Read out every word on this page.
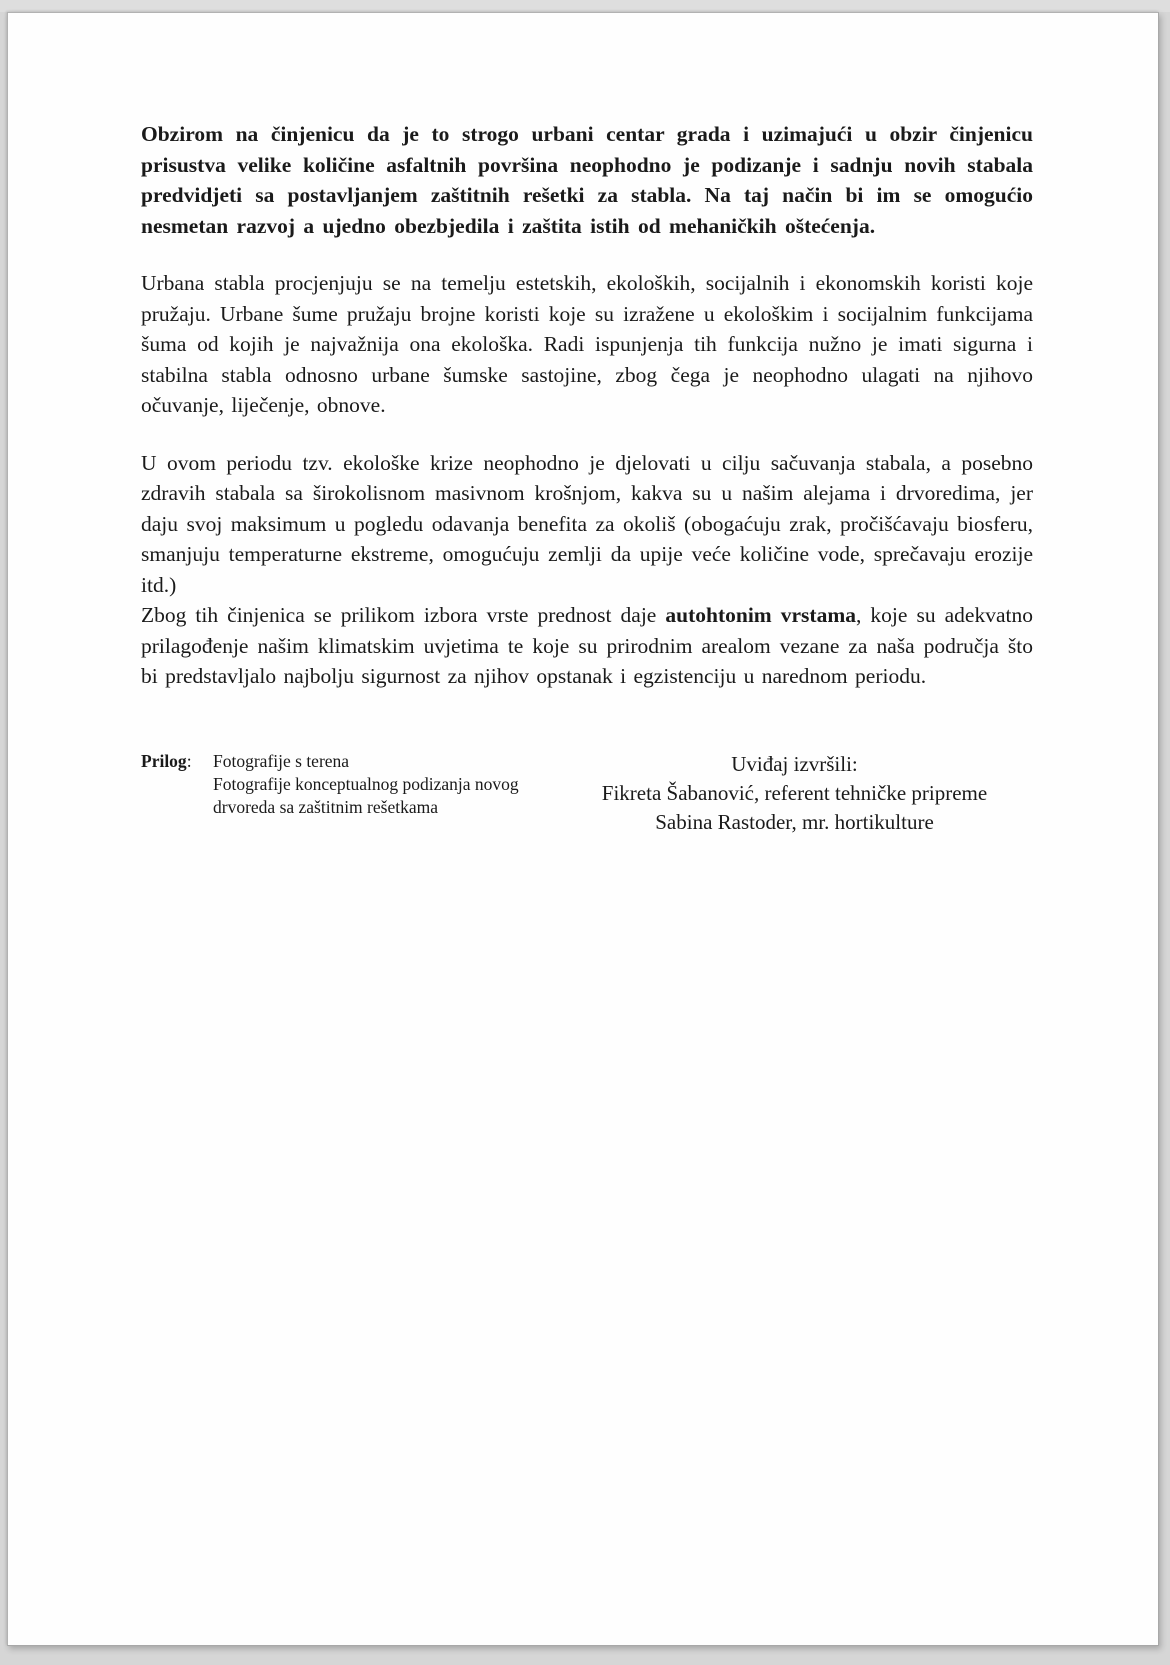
Obzirom na činjenicu da je to strogo urbani centar grada i uzimajući u obzir činjenicu prisustva velike količine asfaltnih površina neophodno je podizanje i sadnju novih stabala predvidjeti sa postavljanjem zaštitnih rešetki za stabla. Na taj način bi im se omogućio nesmetan razvoj a ujedno obezbjedila i zaštita istih od mehaničkih oštećenja.

Urbana stabla procjenjuju se na temelju estetskih, ekoloških, socijalnih i ekonomskih koristi koje pružaju. Urbane šume pružaju brojne koristi koje su izražene u ekološkim i socijalnim funkcijama šuma od kojih je najvažnija ona ekološka. Radi ispunjenja tih funkcija nužno je imati sigurna i stabilna stabla odnosno urbane šumske sastojine, zbog čega je neophodno ulagati na njihovo očuvanje, liječenje, obnove.

U ovom periodu tzv. ekološke krize neophodno je djelovati u cilju sačuvanja stabala, a posebno zdravih stabala sa širokolisnom masivnom krošnjom, kakva su u našim alejama i drvoredima, jer daju svoj maksimum u pogledu odavanja benefita za okoliš (obogaćuju zrak, pročišćavaju biosferu, smanjuju temperaturne ekstreme, omogućuju zemlji da upije veće količine vode, sprečavaju erozije itd.)

Zbog tih činjenica se prilikom izbora vrste prednost daje autohtonim vrstama, koje su adekvatno prilagođenje našim klimatskim uvjetima te koje su prirodnim arealom vezane za naša područja što bi predstavljalo najbolju sigurnost za njihov opstanak i egzistenciju u narednom periodu.

Prilog:	Fotografije s terena
Fotografije konceptualnog podizanja novog
drvoreda sa zaštitnim rešetkama
Uviđaj izvršili:
Fikreta Šabanović, referent tehničke pripreme
Sabina Rastoder, mr. hortikulture
